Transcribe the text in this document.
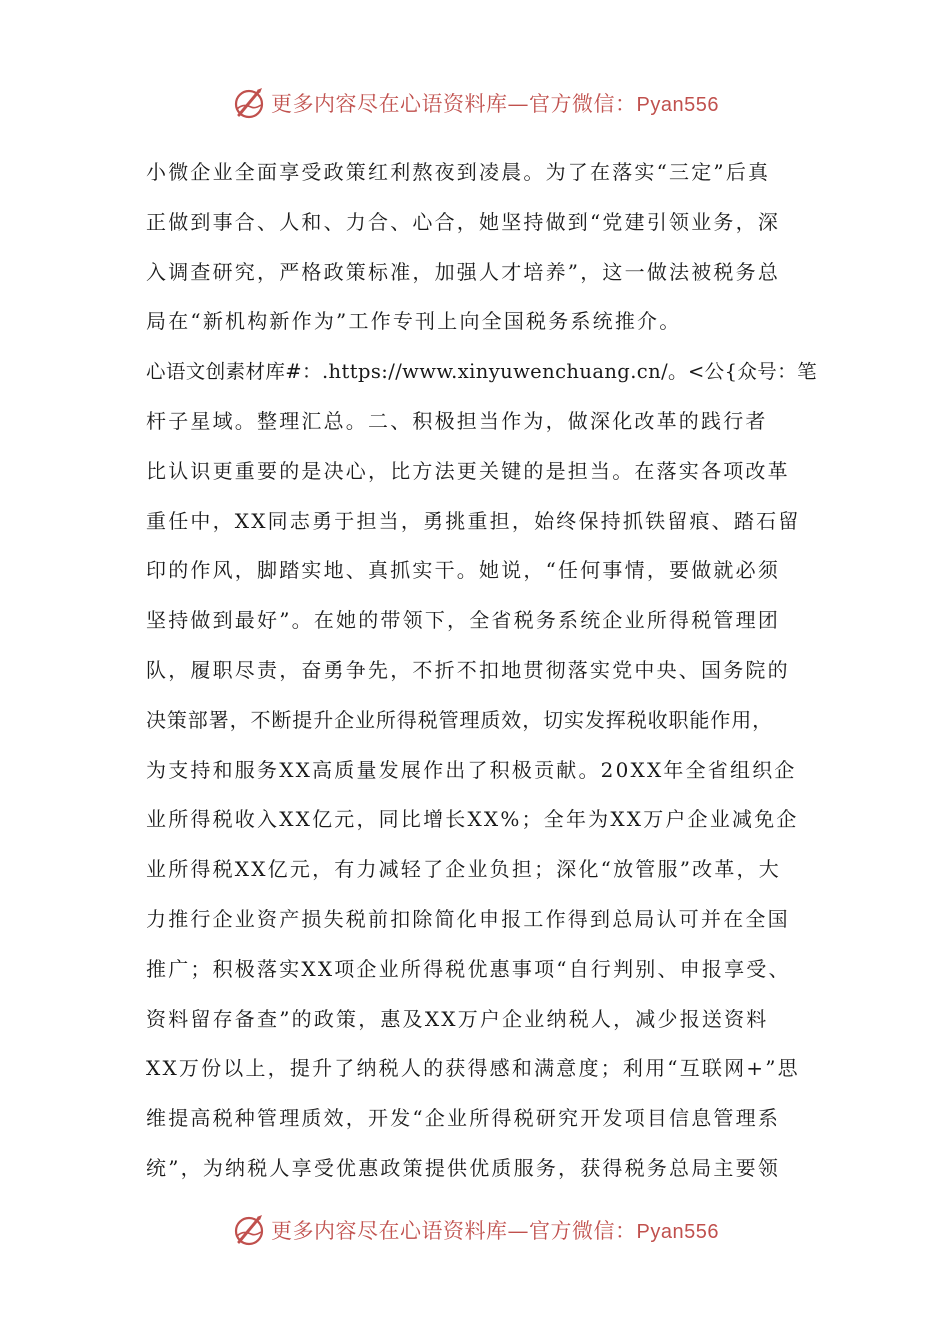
更多内容尽在心语资料库—官方微信：Pyan556
小微企业全面享受政策红利熬夜到凌晨。为了在落实“三定”后真
正做到事合、人和、力合、心合，她坚持做到“党建引领业务，深
入调查研究，严格政策标准，加强人才培养”，这一做法被税务总
局在“新机构新作为”工作专刊上向全国税务系统推介。
心语文创素材库#：.https://www.xinyuwenchuang.cn/。<公{众号：笔
杆子星域。整理汇总。二、积极担当作为，做深化改革的践行者
比认识更重要的是决心，比方法更关键的是担当。在落实各项改革
重任中，XX同志勇于担当，勇挑重担，始终保持抓铁留痕、踏石留
印的作风，脚踏实地、真抓实干。她说，“任何事情，要做就必须
坚持做到最好”。在她的带领下，全省税务系统企业所得税管理团
队，履职尽责，奋勇争先，不折不扣地贯彻落实党中央、国务院的
决策部署，不断提升企业所得税管理质效，切实发挥税收职能作用，
为支持和服务XX高质量发展作出了积极贡献。20XX年全省组织企
业所得税收入XX亿元，同比增长XX%；全年为XX万户企业减免企
业所得税XX亿元，有力减轻了企业负担；深化“放管服”改革，大
力推行企业资产损失税前扣除简化申报工作得到总局认可并在全国
推广；积极落实XX项企业所得税优惠事项“自行判别、申报享受、
资料留存备查”的政策，惠及XX万户企业纳税人，减少报送资料
XX万份以上，提升了纳税人的获得感和满意度；利用“互联网+”思
维提高税种管理质效，开发“企业所得税研究开发项目信息管理系
统”，为纳税人享受优惠政策提供优质服务，获得税务总局主要领
更多内容尽在心语资料库—官方微信：Pyan556
